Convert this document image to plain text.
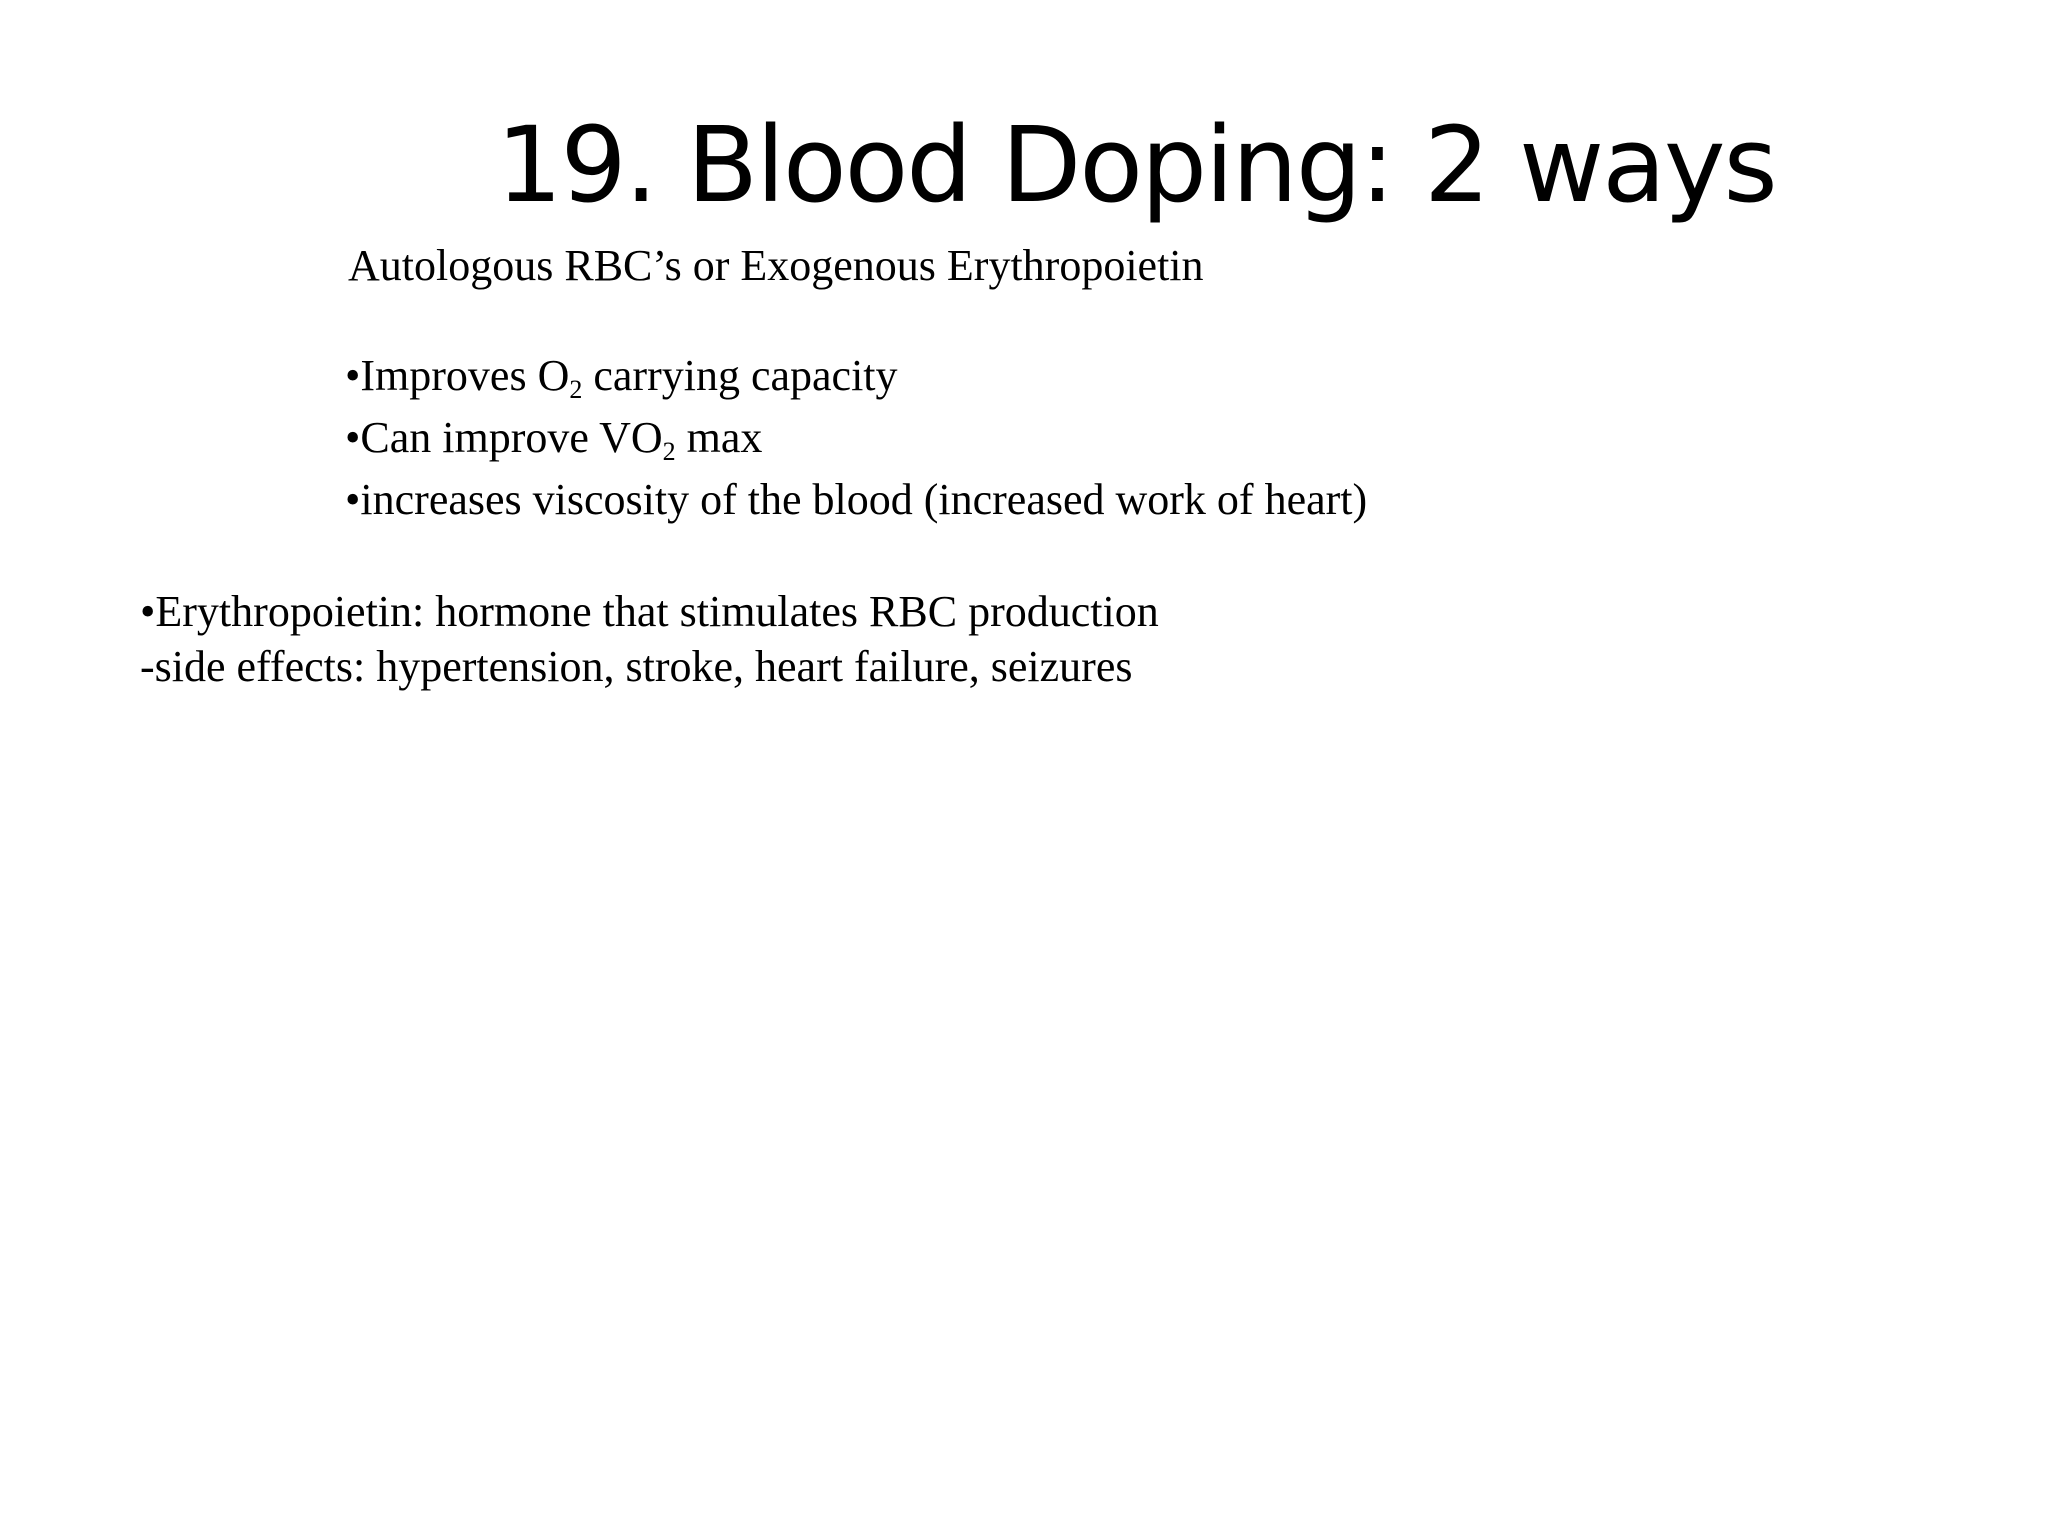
19. Blood Doping: 2 ways
Autologous RBC’s or Exogenous Erythropoietin
•Improves $O_2$ carrying capacity
•Can improve $VO_2$ max
•increases viscosity of the blood (increased work of heart)
•Erythropoietin: hormone that stimulates RBC production
-side effects: hypertension, stroke, heart failure, seizures
